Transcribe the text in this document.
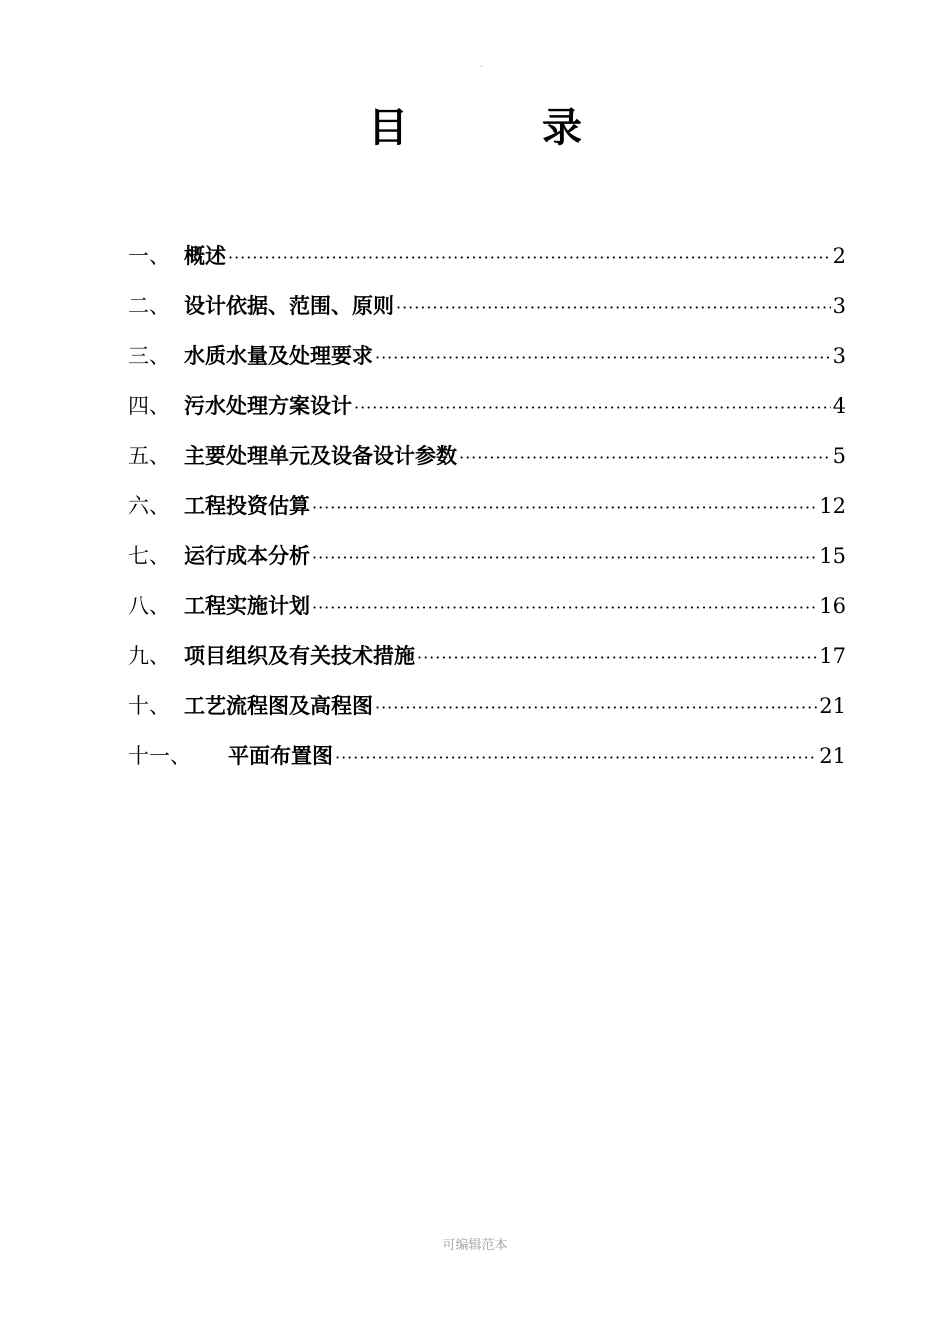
.
目 录
一、 概述 ·····	2
二、 设计依据、范围、原则 ·····	3
三、 水质水量及处理要求 ·····	3
四、 污水处理方案设计 ·····	4
五、 主要处理单元及设备设计参数 ·····	5
六、 工程投资估算 ·····	12
七、 运行成本分析 ·····	15
八、 工程实施计划 ·····	16
九、 项目组织及有关技术措施 ·····	17
十、 工艺流程图及高程图 ·····	21
十一、	平面布置图 ·····	21
可编辑范本
